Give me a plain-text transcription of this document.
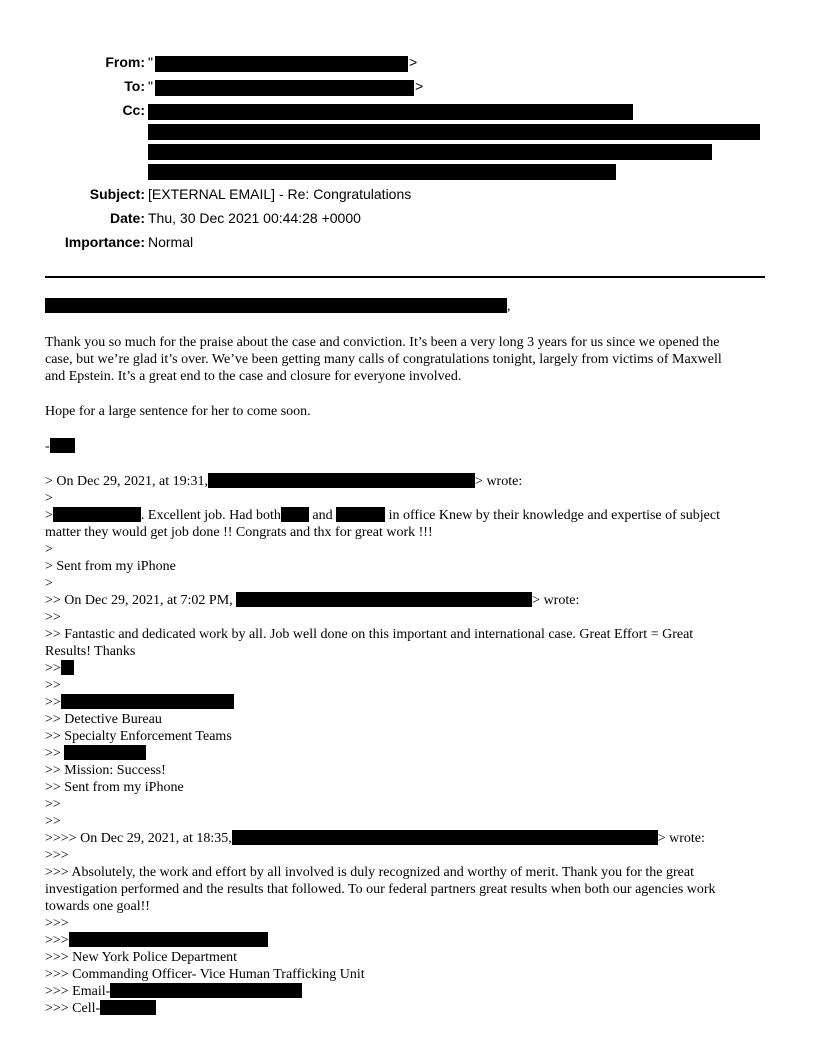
From: "	>
To: "	>
Cc:
Subject: [EXTERNAL EMAIL] - Re: Congratulations
Date: Thu, 30 Dec 2021 00:44:28 +0000
Importance: Normal
,
Thank you so much for the praise about the case and conviction. It’s been a very long 3 years for us since we opened the
case, but we’re glad it’s over. We’ve been getting many calls of congratulations tonight, largely from victims of Maxwell
and Epstein. It’s a great end to the case and closure for everyone involved.
Hope for a large sentence for her to come soon.
-
> On Dec 29, 2021, at 19:31,	> wrote:
>
>	. Excellent job. Had both and	in office Knew by their knowledge and expertise of subject
matter they would get job done !! Congrats and thx for great work !!!
>
> Sent from my iPhone
>
>> On Dec 29, 2021, at 7:02 PM,	> wrote:
>>
>> Fantastic and dedicated work by all. Job well done on this important and international case. Great Effort = Great
Results! Thanks
>>
>>
>>
>> Detective Bureau
>> Specialty Enforcement Teams
>>
>> Mission: Success!
>> Sent from my iPhone
>>
>>
>>>> On Dec 29, 2021, at 18:35,	> wrote:
>>>
>>> Absolutely, the work and effort by all involved is duly recognized and worthy of merit. Thank you for the great
investigation performed and the results that followed. To our federal partners great results when both our agencies work
towards one goal!!
>>>
>>>
>>> New York Police Department
>>> Commanding Officer- Vice Human Trafficking Unit
>>> Email-
>>> Cell-
